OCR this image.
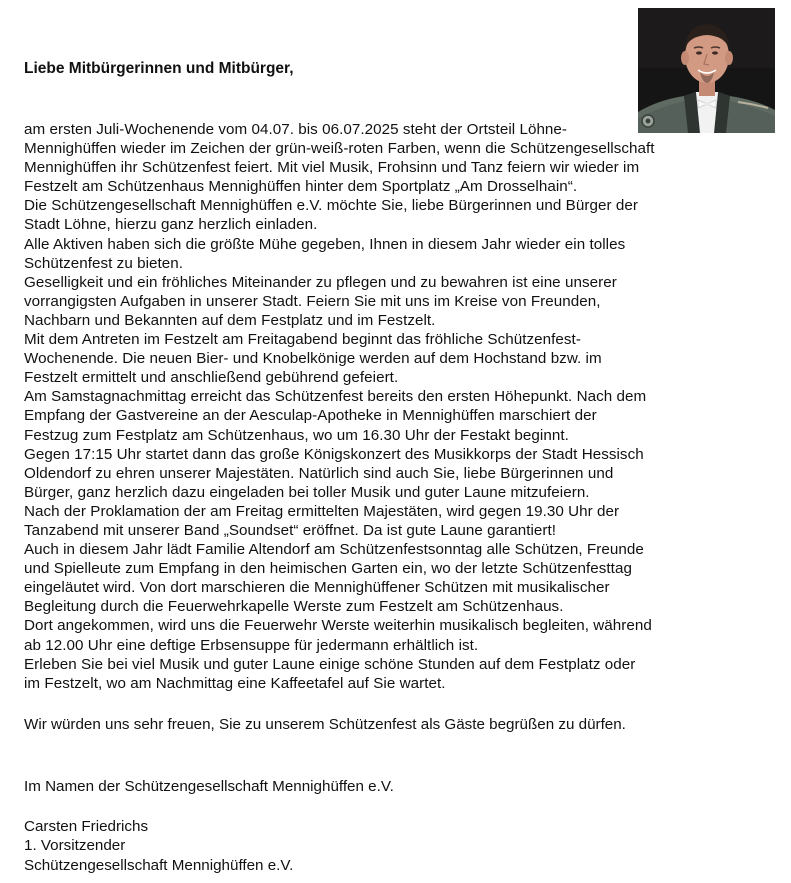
Liebe Mitbürgerinnen und Mitbürger,
am ersten Juli-Wochenende vom 04.07. bis 06.07.2025 steht der Ortsteil Löhne-
Mennighüffen wieder im Zeichen der grün-weiß-roten Farben, wenn die Schützengesellschaft
Mennighüffen ihr Schützenfest feiert. Mit viel Musik, Frohsinn und Tanz feiern wir wieder im
Festzelt am Schützenhaus Mennighüffen hinter dem Sportplatz „Am Drosselhain“.
Die Schützengesellschaft Mennighüffen e.V. möchte Sie, liebe Bürgerinnen und Bürger der
Stadt Löhne, hierzu ganz herzlich einladen.
Alle Aktiven haben sich die größte Mühe gegeben, Ihnen in diesem Jahr wieder ein tolles
Schützenfest zu bieten.
Geselligkeit und ein fröhliches Miteinander zu pflegen und zu bewahren ist eine unserer
vorrangigsten Aufgaben in unserer Stadt. Feiern Sie mit uns im Kreise von Freunden,
Nachbarn und Bekannten auf dem Festplatz und im Festzelt.
Mit dem Antreten im Festzelt am Freitagabend beginnt das fröhliche Schützenfest-
Wochenende. Die neuen Bier- und Knobelkönige werden auf dem Hochstand bzw. im
Festzelt ermittelt und anschließend gebührend gefeiert.
Am Samstagnachmittag erreicht das Schützenfest bereits den ersten Höhepunkt. Nach dem
Empfang der Gastvereine an der Aesculap-Apotheke in Mennighüffen marschiert der
Festzug zum Festplatz am Schützenhaus, wo um 16.30 Uhr der Festakt beginnt.
Gegen 17:15 Uhr startet dann das große Königskonzert des Musikkorps der Stadt Hessisch
Oldendorf zu ehren unserer Majestäten. Natürlich sind auch Sie, liebe Bürgerinnen und
Bürger, ganz herzlich dazu eingeladen bei toller Musik und guter Laune mitzufeiern.
Nach der Proklamation der am Freitag ermittelten Majestäten, wird gegen 19.30 Uhr der
Tanzabend mit unserer Band „Soundset“ eröffnet. Da ist gute Laune garantiert!
Auch in diesem Jahr lädt Familie Altendorf am Schützenfestsonntag alle Schützen, Freunde
und Spielleute zum Empfang in den heimischen Garten ein, wo der letzte Schützenfesttag
eingeläutet wird. Von dort marschieren die Mennighüffener Schützen mit musikalischer
Begleitung durch die Feuerwehrkapelle Werste zum Festzelt am Schützenhaus.
Dort angekommen, wird uns die Feuerwehr Werste weiterhin musikalisch begleiten, während
ab 12.00 Uhr eine deftige Erbsensuppe für jedermann erhältlich ist.
Erleben Sie bei viel Musik und guter Laune einige schöne Stunden auf dem Festplatz oder
im Festzelt, wo am Nachmittag eine Kaffeetafel auf Sie wartet.

Wir würden uns sehr freuen, Sie zu unserem Schützenfest als Gäste begrüßen zu dürfen.

Im Namen der Schützengesellschaft Mennighüffen e.V.

Carsten Friedrichs
1. Vorsitzender
Schützengesellschaft Mennighüffen e.V.
